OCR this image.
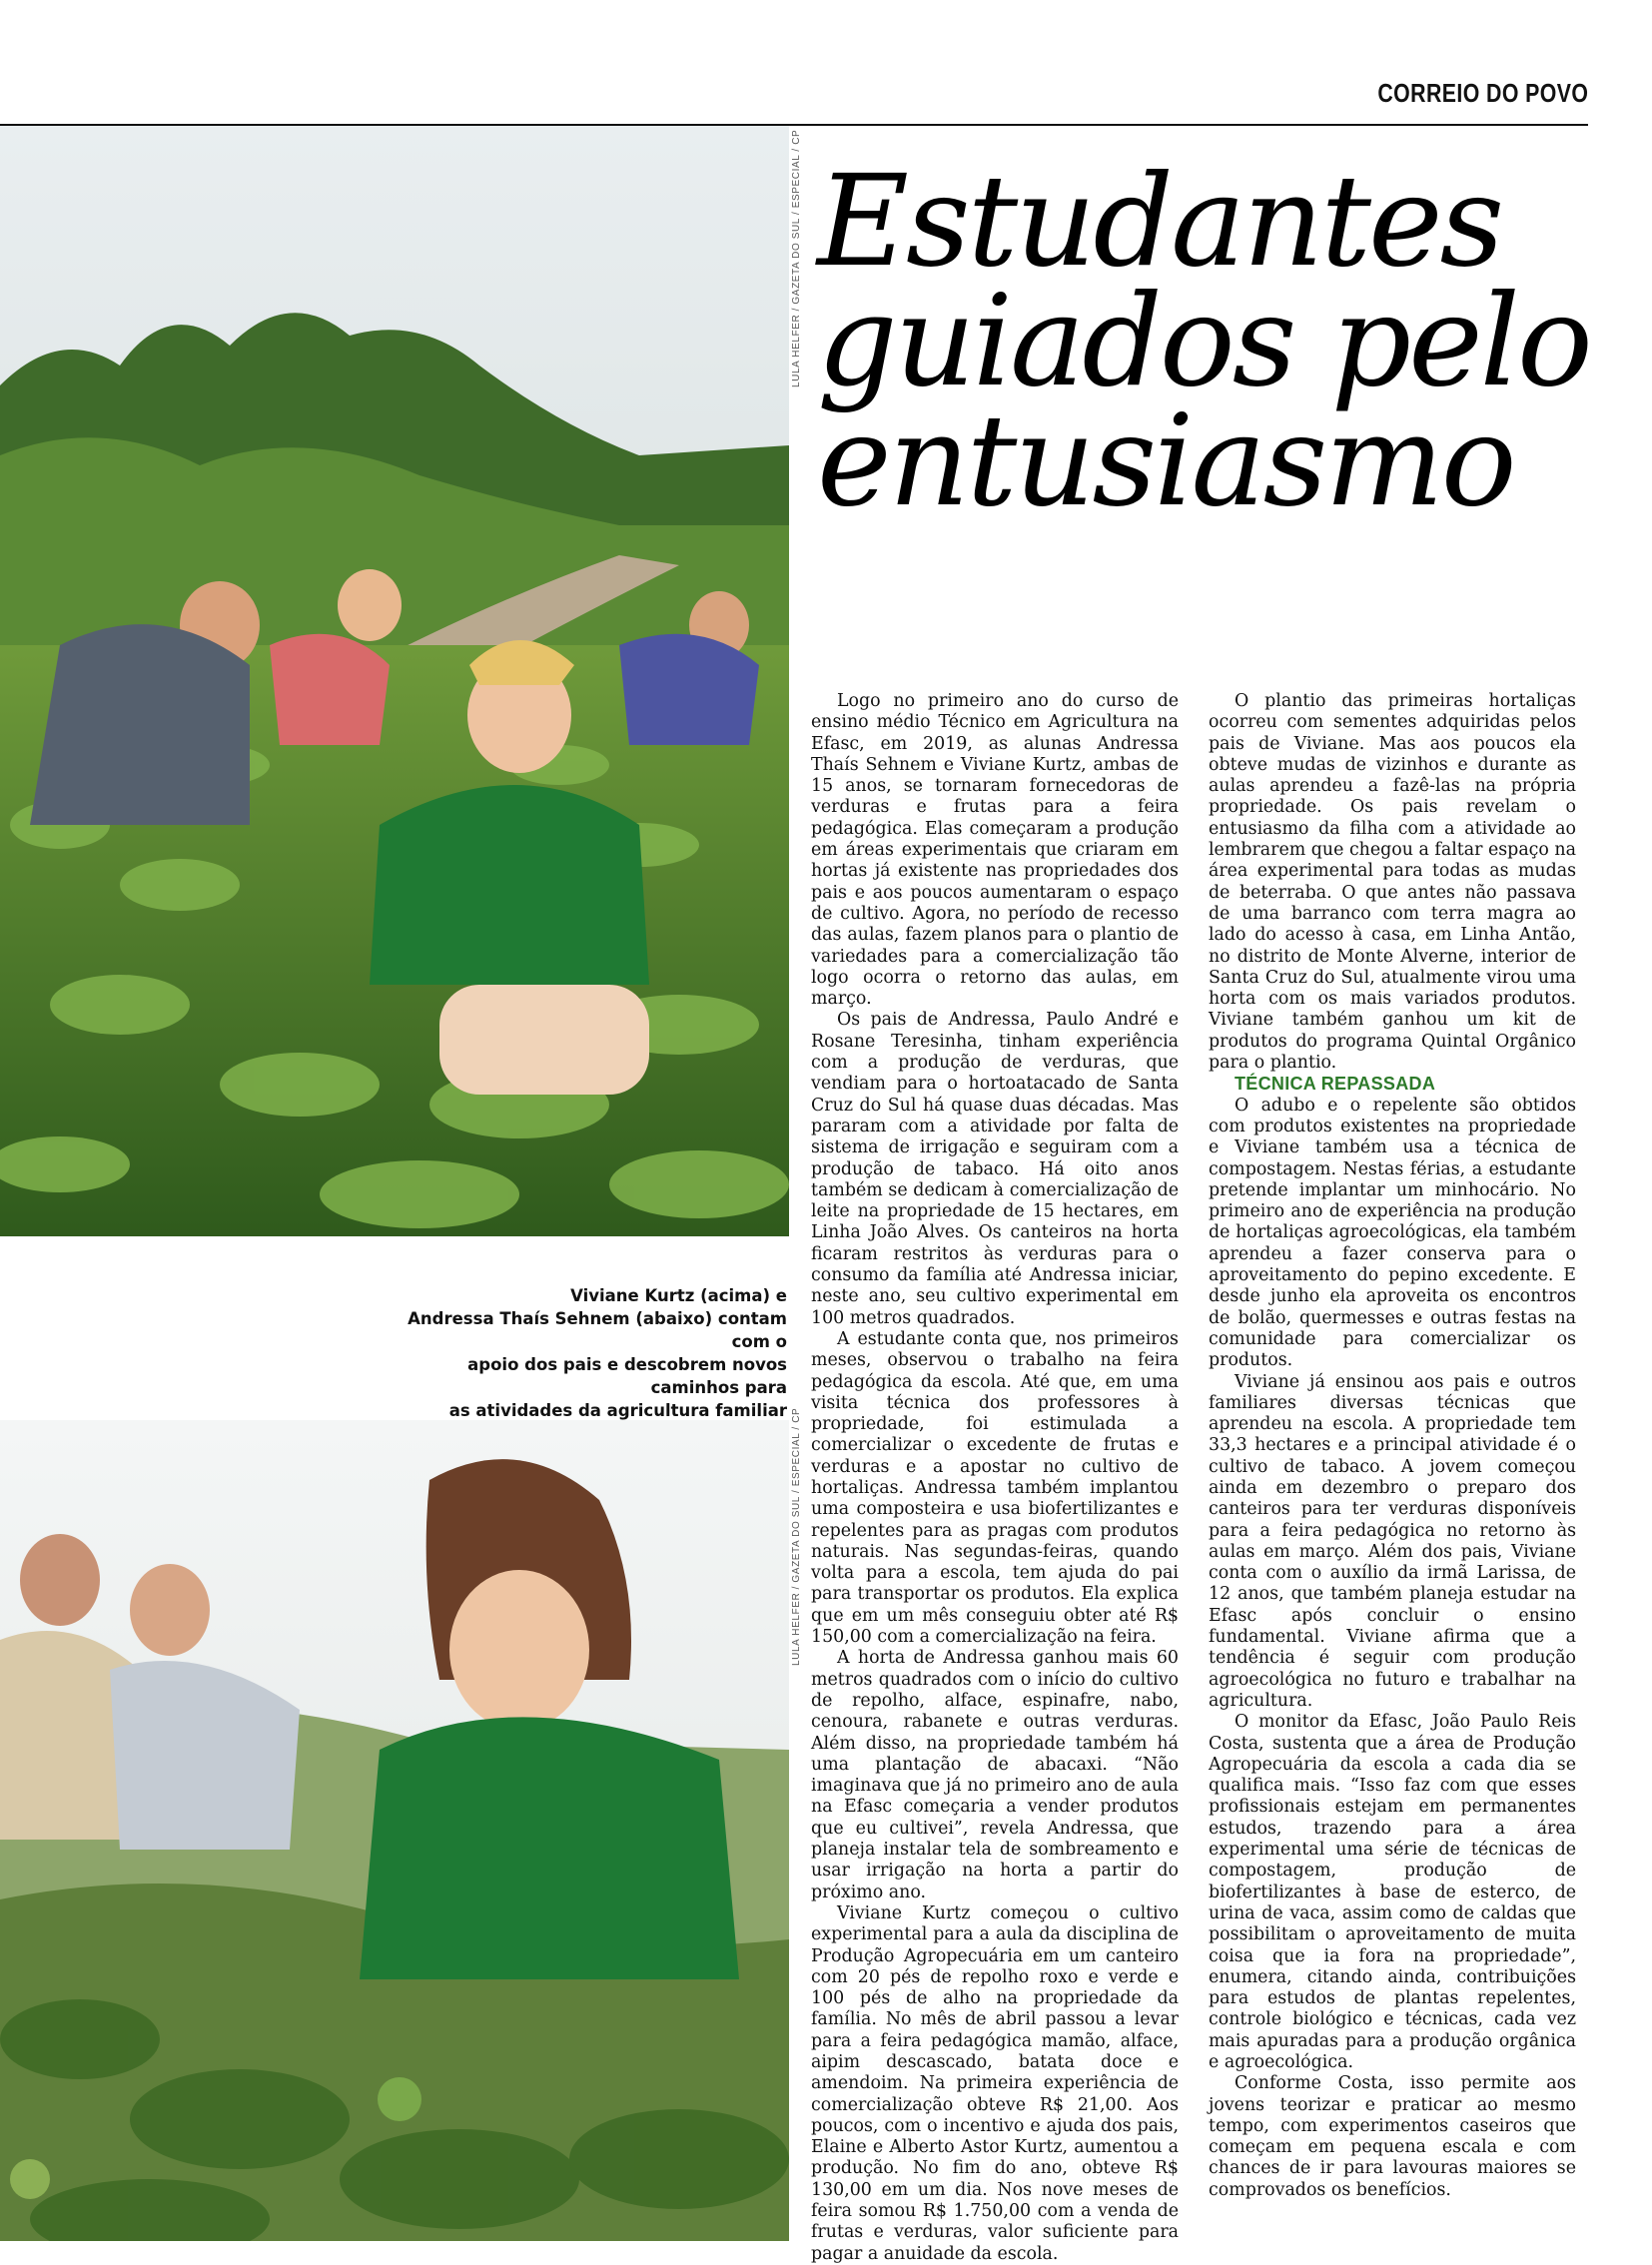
CORREIO DO POVO
LULA HELFER / GAZETA DO SUL / ESPECIAL / CP
Viviane Kurtz (acima) e
Andressa Thaís Sehnem (abaixo) contam com o
apoio dos pais e descobrem novos caminhos para
as atividades da agricultura familiar LULA HELFER / GAZETA DO SUL / ESPECIAL / CP
Estudantes
guiados pelo
entusiasmo

Logo no primeiro ano do curso de ensino médio Técnico em Agricultura na Efasc, em 2019, as alunas Andressa Thaís Sehnem e Viviane Kurtz, ambas de 15 anos, se tornaram fornecedoras de verduras e frutas para a feira pedagógica. Elas começaram a produção em áreas experimentais que criaram em hortas já existente nas propriedades dos pais e aos poucos aumentaram o espaço de cultivo. Agora, no período de recesso das aulas, fazem planos para o plantio de variedades para a comercialização tão logo ocorra o retorno das aulas, em março.

Os pais de Andressa, Paulo André e Rosane Teresinha, tinham experiência com a produção de verduras, que vendiam para o hortoatacado de Santa Cruz do Sul há quase duas décadas. Mas pararam com a atividade por falta de sistema de irrigação e seguiram com a produção de tabaco. Há oito anos também se dedicam à comercialização de leite na propriedade de 15 hectares, em Linha João Alves. Os canteiros na horta ficaram restritos às verduras para o consumo da família até Andressa iniciar, neste ano, seu cultivo experimental em 100 metros quadrados.

A estudante conta que, nos primeiros meses, observou o trabalho na feira pedagógica da escola. Até que, em uma visita técnica dos professores à propriedade, foi estimulada a comercializar o excedente de frutas e verduras e a apostar no cultivo de hortaliças. Andressa também implantou uma composteira e usa biofertilizantes e repelentes para as pragas com produtos naturais. Nas segundas-feiras, quando volta para a escola, tem ajuda do pai para transportar os produtos. Ela explica que em um mês conseguiu obter até R$ 150,00 com a comercialização na feira.

A horta de Andressa ganhou mais 60 metros quadrados com o início do cultivo de repolho, alface, espinafre, nabo, cenoura, rabanete e outras verduras. Além disso, na propriedade também há uma plantação de abacaxi. “Não imaginava que já no primeiro ano de aula na Efasc começaria a vender produtos que eu cultivei”, revela Andressa, que planeja instalar tela de sombreamento e usar irrigação na horta a partir do próximo ano.

Viviane Kurtz começou o cultivo experimental para a aula da disciplina de Produção Agropecuária em um canteiro com 20 pés de repolho roxo e verde e 100 pés de alho na propriedade da família. No mês de abril passou a levar para a feira pedagógica mamão, alface, aipim descascado, batata doce e amendoim. Na primeira experiência de comercialização obteve R$ 21,00. Aos poucos, com o incentivo e ajuda dos pais, Elaine e Alberto Astor Kurtz, aumentou a produção. No fim do ano, obteve R$ 130,00 em um dia. Nos nove meses de feira somou R$ 1.750,00 com a venda de frutas e verduras, valor suficiente para pagar a anuidade da escola.

O plantio das primeiras hortaliças ocorreu com sementes adquiridas pelos pais de Viviane. Mas aos poucos ela obteve mudas de vizinhos e durante as aulas aprendeu a fazê-las na própria propriedade. Os pais revelam o entusiasmo da filha com a atividade ao lembrarem que chegou a faltar espaço na área experimental para todas as mudas de beterraba. O que antes não passava de uma barranco com terra magra ao lado do acesso à casa, em Linha Antão, no distrito de Monte Alverne, interior de Santa Cruz do Sul, atualmente virou uma horta com os mais variados produtos. Viviane também ganhou um kit de produtos do programa Quintal Orgânico para o plantio.

TÉCNICA REPASSADA

O adubo e o repelente são obtidos com produtos existentes na propriedade e Viviane também usa a técnica de compostagem. Nestas férias, a estudante pretende implantar um minhocário. No primeiro ano de experiência na produção de hortaliças agroecológicas, ela também aprendeu a fazer conserva para o aproveitamento do pepino excedente. E desde junho ela aproveita os encontros de bolão, quermesses e outras festas na comunidade para comercializar os produtos.

Viviane já ensinou aos pais e outros familiares diversas técnicas que aprendeu na escola. A propriedade tem 33,3 hectares e a principal atividade é o cultivo de tabaco. A jovem começou ainda em dezembro o preparo dos canteiros para ter verduras disponíveis para a feira pedagógica no retorno às aulas em março. Além dos pais, Viviane conta com o auxílio da irmã Larissa, de 12 anos, que também planeja estudar na Efasc após concluir o ensino fundamental. Viviane afirma que a tendência é seguir com produção agroecológica no futuro e trabalhar na agricultura.

O monitor da Efasc, João Paulo Reis Costa, sustenta que a área de Produção Agropecuária da escola a cada dia se qualifica mais. “Isso faz com que esses profissionais estejam em permanentes estudos, trazendo para a área experimental uma série de técnicas de compostagem, produção de biofertilizantes à base de esterco, de urina de vaca, assim como de caldas que possibilitam o aproveitamento de muita coisa que ia fora na propriedade”, enumera, citando ainda, contribuições para estudos de plantas repelentes, controle biológico e técnicas, cada vez mais apuradas para a produção orgânica e agroecológica.

Conforme Costa, isso permite aos jovens teorizar e praticar ao mesmo tempo, com experimentos caseiros que começam em pequena escala e com chances de ir para lavouras maiores se comprovados os benefícios.
